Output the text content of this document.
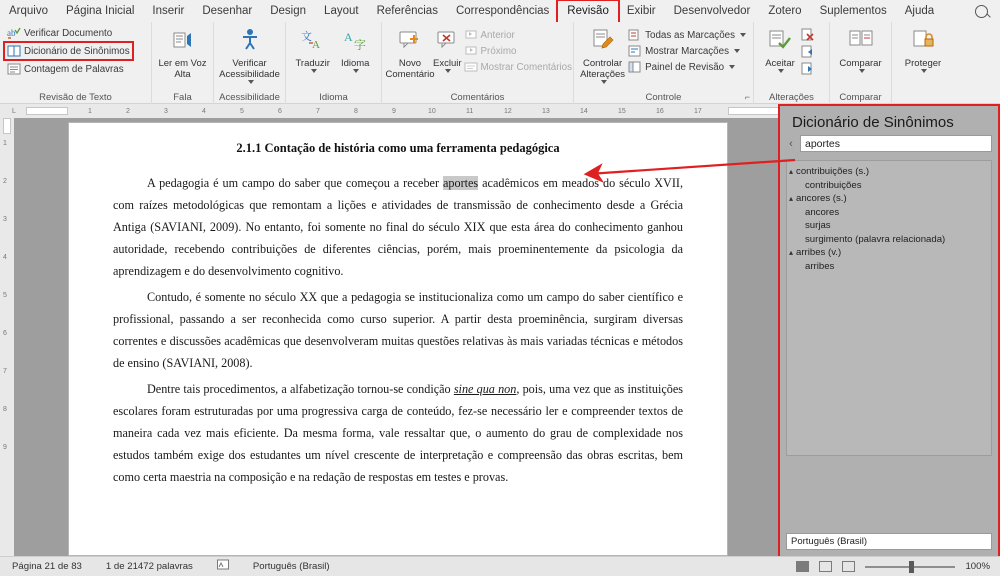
Arquivo	Página Inicial	Inserir	Desenhar	Design	Layout	Referências	Correspondências	Revisão	Exibir	Desenvolvedor	Zotero	Suplementos	Ajuda
ab Verificar Documento
Dicionário de Sinônimos
Contagem de Palavras
Revisão de Texto
Ler em Voz Alta
Fala
Verificar Acessibilidade
Acessibilidade
文
A
Traduzir
A
字
Idioma
Idioma
Novo Comentário
Excluir
Anterior
Próximo
Mostrar Comentários
Comentários
Controlar Alterações
Todas as Marcações
Mostrar Marcações
Painel de Revisão
⌐
Controle
Aceitar
Alterações
Comparar
Comparar
Proteger
L	1	2	3	4	5	6	7	8	9	10	11	12	13	14	15	16	17
1
2
3
4
5
6
7
8
9
2.1.1 Contação de história como uma ferramenta pedagógica

A pedagogia é um campo do saber que começou a receber aportes acadêmicos em meados do século XVII, com raízes metodológicas que remontam a lições e atividades de transmissão de conhecimento desde a Grécia Antiga (SAVIANI, 2009). No entanto, foi somente no final do século XIX que esta área do conhecimento ganhou autoridade, recebendo contribuições de diferentes ciências, porém, mais proeminentemente da psicologia da aprendizagem e do desenvolvimento cognitivo.

Contudo, é somente no século XX que a pedagogia se institucionaliza como um campo do saber científico e profissional, passando a ser reconhecida como curso superior. A partir desta proeminência, surgiram diversas correntes e discussões acadêmicas que desenvolveram muitas questões relativas às mais variadas técnicas e métodos de ensino (SAVIANI, 2008).

Dentre tais procedimentos, a alfabetização tornou-se condição sine qua non, pois, uma vez que as instituições escolares foram estruturadas por uma progressiva carga de conteúdo, fez-se necessário ler e compreender textos de maneira cada vez mais eficiente. Da mesma forma, vale ressaltar que, o aumento do grau de complexidade nos estudos também exige dos estudantes um nível crescente de interpretação e compreensão das obras escritas, bem como certa maestria na composição e na redação de respostas em testes e provas.

Dicionário de Sinônimos
‹
aportes
▴ contribuições (s.)
contribuições
▴ ancores (s.)
ancores
surjas
surgimento (palavra relacionada)
▴ arribes (v.)
arribes
Português (Brasil)
Página 21 de 83	1 de 21472 palavras	Português (Brasil)	100%
